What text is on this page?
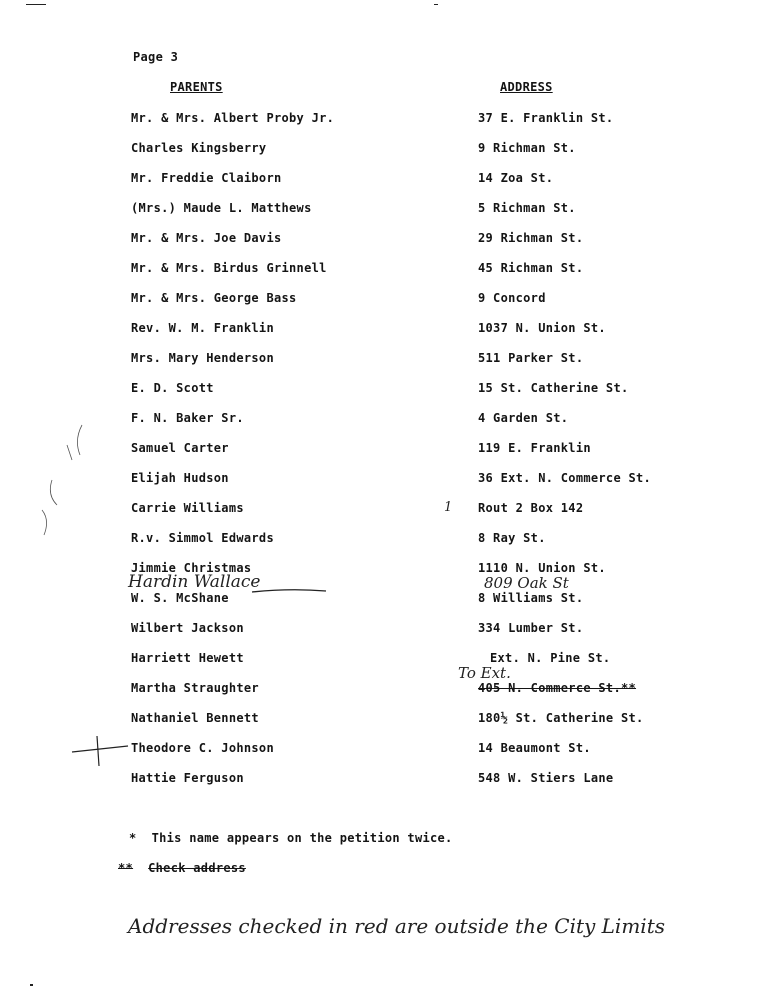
Page 3
PARENTS	ADDRESS
Mr. & Mrs. Albert Proby Jr.	37 E. Franklin St.
Charles Kingsberry	9 Richman St.
Mr. Freddie Claiborn	14 Zoa St.
(Mrs.) Maude L. Matthews	5 Richman St.
Mr. & Mrs. Joe Davis	29 Richman St.
Mr. & Mrs. Birdus Grinnell	45 Richman St.
Mr. & Mrs. George Bass	9 Concord
Rev. W. M. Franklin	1037 N. Union St.
Mrs. Mary Henderson	511 Parker St.
E. D. Scott	15 St. Catherine St.
F. N. Baker Sr.	4 Garden St.
Samuel Carter	119 E. Franklin
Elijah Hudson	36 Ext. N. Commerce St.
Carrie Williams	Rout 2 Box 142
R.v. Simmol Edwards	8 Ray St.
Jimmie Christmas	1110 N. Union St.
W. S. McShane	8 Williams St.
Wilbert Jackson	334 Lumber St.
Harriett Hewett	Ext. N. Pine St.
Martha Straughter	405 N. Commerce St.**
Nathaniel Bennett	180½ St. Catherine St.
Theodore C. Johnson	14 Beaumont St.
Hattie Ferguson	548 W. Stiers Lane
Hardin Wallace	809 Oak St
To Ext.
1
* This name appears on the petition twice.
** Check address
Addresses checked in red are outside the City Limits
